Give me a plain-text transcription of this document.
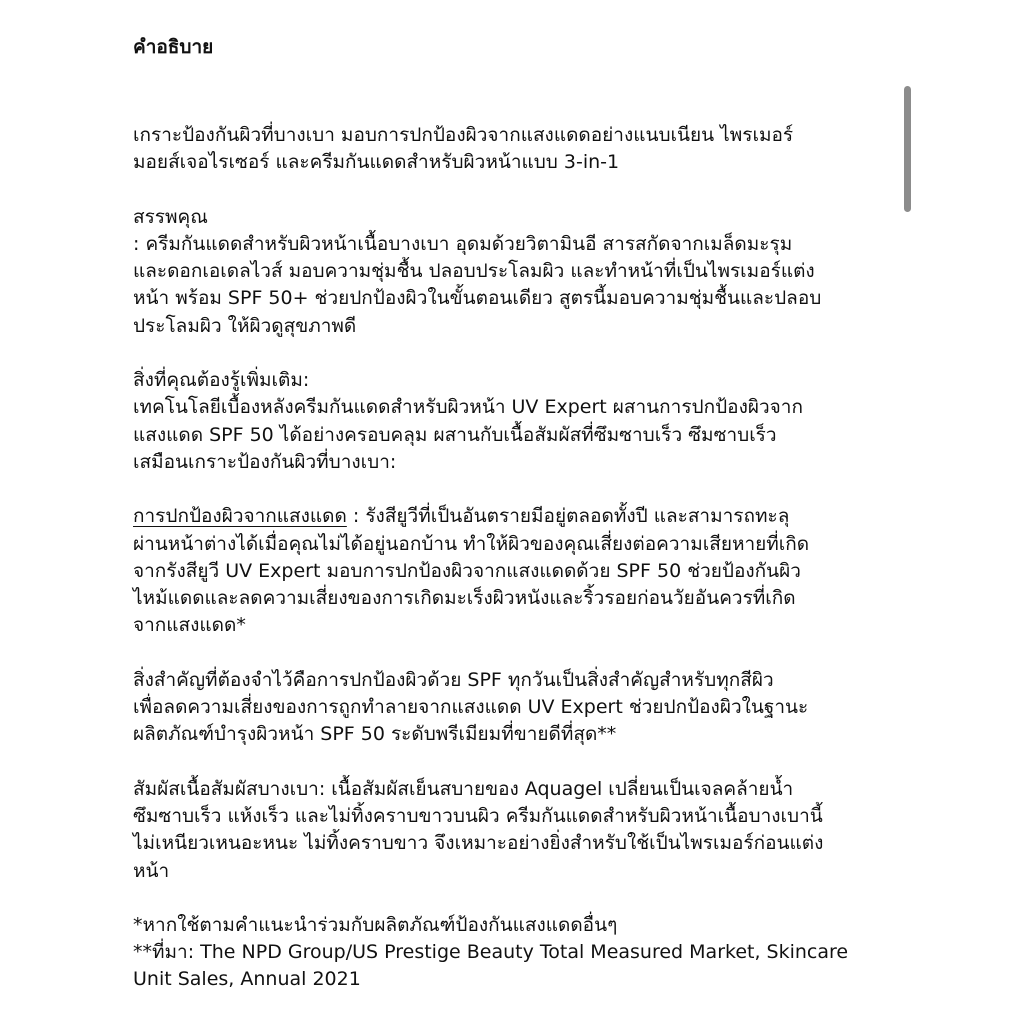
คำอธิบาย

เกราะป้องกันผิวที่บางเบา มอบการปกป้องผิวจากแสงแดดอย่างแนบเนียน ไพรเมอร์
มอยส์เจอไรเซอร์ และครีมกันแดดสำหรับผิวหน้าแบบ 3-in-1

สรรพคุณ
: ครีมกันแดดสำหรับผิวหน้าเนื้อบางเบา อุดมด้วยวิตามินอี สารสกัดจากเมล็ดมะรุม
และดอกเอเดลไวส์ มอบความชุ่มชื้น ปลอบประโลมผิว และทำหน้าที่เป็นไพรเมอร์แต่ง
หน้า พร้อม SPF 50+ ช่วยปกป้องผิวในขั้นตอนเดียว สูตรนี้มอบความชุ่มชื้นและปลอบ
ประโลมผิว ให้ผิวดูสุขภาพดี

สิ่งที่คุณต้องรู้เพิ่มเติม:
เทคโนโลยีเบื้องหลังครีมกันแดดสำหรับผิวหน้า UV Expert ผสานการปกป้องผิวจาก
แสงแดด SPF 50 ได้อย่างครอบคลุม ผสานกับเนื้อสัมผัสที่ซึมซาบเร็ว ซึมซาบเร็ว
เสมือนเกราะป้องกันผิวที่บางเบา:

การปกป้องผิวจากแสงแดด : รังสียูวีที่เป็นอันตรายมีอยู่ตลอดทั้งปี และสามารถทะลุ
ผ่านหน้าต่างได้เมื่อคุณไม่ได้อยู่นอกบ้าน ทำให้ผิวของคุณเสี่ยงต่อความเสียหายที่เกิด
จากรังสียูวี UV Expert มอบการปกป้องผิวจากแสงแดดด้วย SPF 50 ช่วยป้องกันผิว
ไหม้แดดและลดความเสี่ยงของการเกิดมะเร็งผิวหนังและริ้วรอยก่อนวัยอันควรที่เกิด
จากแสงแดด*

สิ่งสำคัญที่ต้องจำไว้คือการปกป้องผิวด้วย SPF ทุกวันเป็นสิ่งสำคัญสำหรับทุกสีผิว
เพื่อลดความเสี่ยงของการถูกทำลายจากแสงแดด UV Expert ช่วยปกป้องผิวในฐานะ
ผลิตภัณฑ์บำรุงผิวหน้า SPF 50 ระดับพรีเมียมที่ขายดีที่สุด**

สัมผัสเนื้อสัมผัสบางเบา: เนื้อสัมผัสเย็นสบายของ Aquagel เปลี่ยนเป็นเจลคล้ายน้ำ
ซึมซาบเร็ว แห้งเร็ว และไม่ทิ้งคราบขาวบนผิว ครีมกันแดดสำหรับผิวหน้าเนื้อบางเบานี้
ไม่เหนียวเหนอะหนะ ไม่ทิ้งคราบขาว จึงเหมาะอย่างยิ่งสำหรับใช้เป็นไพรเมอร์ก่อนแต่ง
หน้า

*หากใช้ตามคำแนะนำร่วมกับผลิตภัณฑ์ป้องกันแสงแดดอื่นๆ
**ที่มา: The NPD Group/US Prestige Beauty Total Measured Market, Skincare
Unit Sales, Annual 2021
